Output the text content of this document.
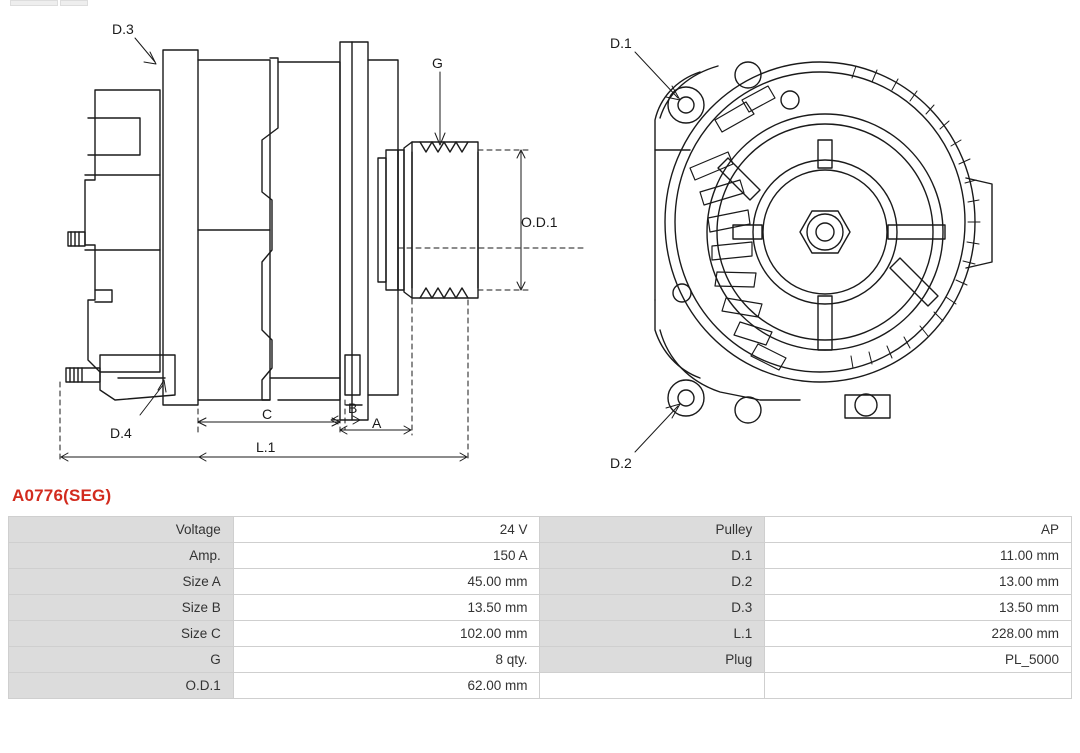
D.3
G
O.D.1
D.4
C	B
A
L.1
D.1
D.2
A0776(SEG)
Voltage	24 V	Pulley	AP
Amp.	150 A	D.1	11.00 mm
Size A	45.00 mm	D.2	13.00 mm
Size B	13.50 mm	D.3	13.50 mm
Size C	102.00 mm	L.1	228.00 mm
G	8 qty.	Plug	PL_5000
O.D.1	62.00 mm		
